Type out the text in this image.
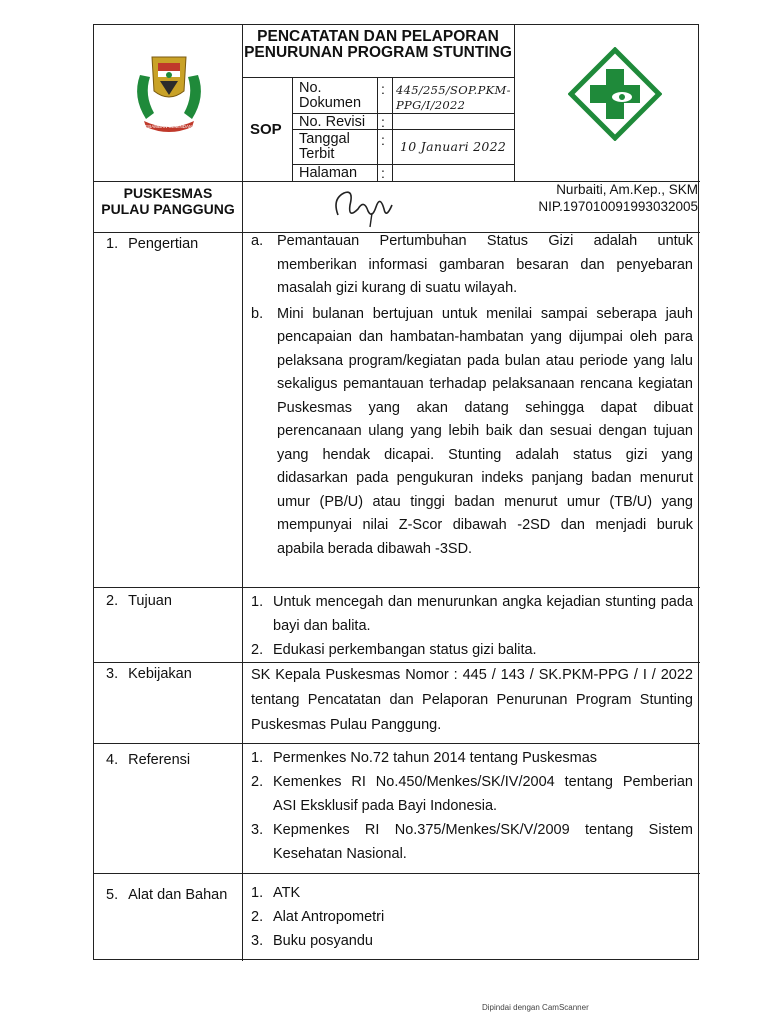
SEBAMBAN SEMINDANG
PENCATATAN DAN PELAPORAN PENURUNAN PROGRAM STUNTING
SOP
No. Dokumen
: 445/255/SOP.PKM-PPG/I/2022
No. Revisi :
Tanggal Terbit
: 10 Januari 2022
Halaman :
PUSKESMAS PULAU PANGGUNG
Nurbaiti, Am.Kep., SKM
NIP.197010091993032005
1. Pengertian	a. Pemantauan Pertumbuhan Status Gizi adalah untuk memberikan informasi gambaran besaran dan penyebaran masalah gizi kurang di suatu wilayah.
b. Mini bulanan bertujuan untuk menilai sampai seberapa jauh pencapaian dan hambatan-hambatan yang dijumpai oleh para pelaksana program/kegiatan pada bulan atau periode yang lalu sekaligus pemantauan terhadap pelaksanaan rencana kegiatan Puskesmas yang akan datang sehingga dapat dibuat perencanaan ulang yang lebih baik dan sesuai dengan tujuan yang hendak dicapai. Stunting adalah status gizi yang didasarkan pada pengukuran indeks panjang badan menurut umur (PB/U) atau tinggi badan menurut umur (TB/U) yang mempunyai nilai Z-Scor dibawah -2SD dan menjadi buruk apabila berada dibawah -3SD.
2. Tujuan	1. Untuk mencegah dan menurunkan angka kejadian stunting pada bayi dan balita.
2. Edukasi perkembangan status gizi balita.
3. Kebijakan	SK Kepala Puskesmas Nomor : 445 / 143 / SK.PKM-PPG / I / 2022 tentang Pencatatan dan Pelaporan Penurunan Program Stunting Puskesmas Pulau Panggung.
4. Referensi	1. Permenkes No.72 tahun 2014 tentang Puskesmas
2. Kemenkes RI No.450/Menkes/SK/IV/2004 tentang Pemberian ASI Eksklusif pada Bayi Indonesia.
3. Kepmenkes RI No.375/Menkes/SK/V/2009 tentang Sistem Kesehatan Nasional.
5. Alat dan Bahan 1. ATK
2. Alat Antropometri
3. Buku posyandu
Dipindai dengan CamScanner
